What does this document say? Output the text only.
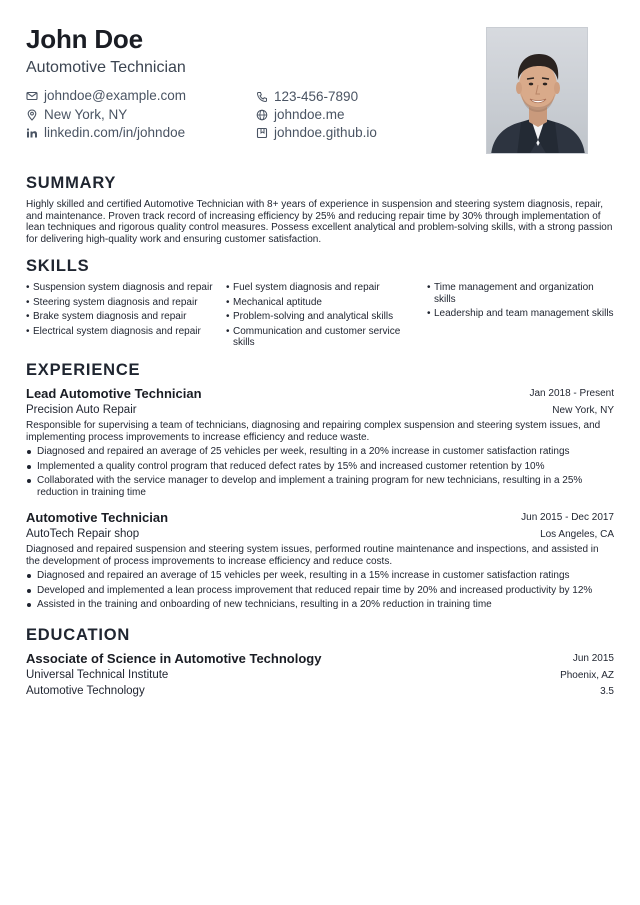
John Doe
Automotive Technician
johndoe@example.com	123-456-7890
New York, NY	johndoe.me
linkedin.com/in/johndoe	johndoe.github.io
SUMMARY
Highly skilled and certified Automotive Technician with 8+ years of experience in suspension and steering system diagnosis, repair, and maintenance. Proven track record of increasing efficiency by 25% and reducing repair time by 30% through implementation of lean techniques and rigorous quality control measures. Possess excellent analytical and problem-solving skills, with a strong passion for delivering high-quality work and ensuring customer satisfaction.
SKILLS
• Suspension system diagnosis and repair
• Steering system diagnosis and repair
• Brake system diagnosis and repair
• Electrical system diagnosis and repair
• Fuel system diagnosis and repair
• Mechanical aptitude
• Problem-solving and analytical skills
• Communication and customer service skills
• Time management and organization skills
• Leadership and team management skills
EXPERIENCE
Lead Automotive Technician	Jan 2018 - Present
Precision Auto Repair	New York, NY
Responsible for supervising a team of technicians, diagnosing and repairing complex suspension and steering system issues, and implementing process improvements to increase efficiency and reduce waste.
Diagnosed and repaired an average of 25 vehicles per week, resulting in a 20% increase in customer satisfaction ratings
Implemented a quality control program that reduced defect rates by 15% and increased customer retention by 10%
Collaborated with the service manager to develop and implement a training program for new technicians, resulting in a 25% reduction in training time
Automotive Technician	Jun 2015 - Dec 2017
AutoTech Repair shop	Los Angeles, CA
Diagnosed and repaired suspension and steering system issues, performed routine maintenance and inspections, and assisted in the development of process improvements to increase efficiency and reduce costs.
Diagnosed and repaired an average of 15 vehicles per week, resulting in a 15% increase in customer satisfaction ratings
Developed and implemented a lean process improvement that reduced repair time by 20% and increased productivity by 12%
Assisted in the training and onboarding of new technicians, resulting in a 20% reduction in training time
EDUCATION
Associate of Science in Automotive Technology	Jun 2015
Universal Technical Institute	Phoenix, AZ
Automotive Technology	3.5
